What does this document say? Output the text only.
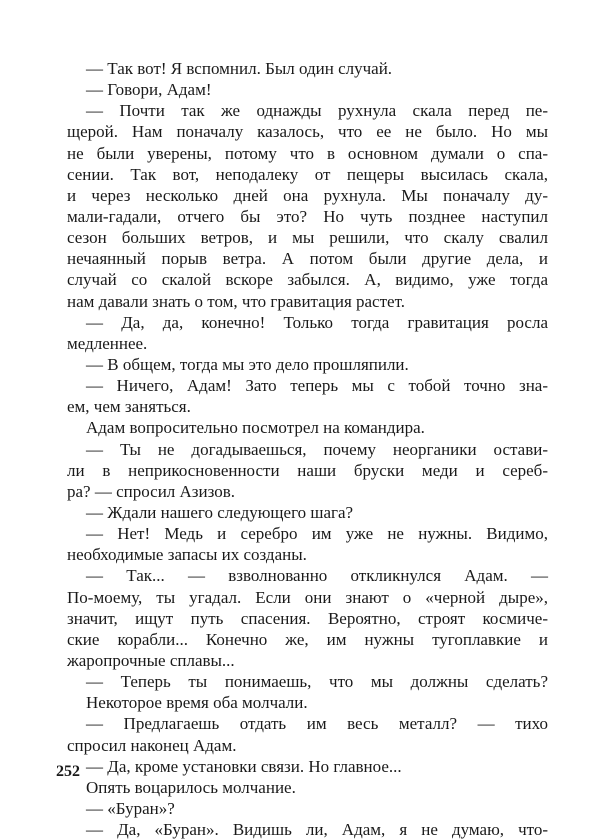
— Так вот! Я вспомнил. Был один случай.
— Говори, Адам!
— Почти так же однажды рухнула скала перед пе-
щерой. Нам поначалу казалось, что ее не было. Но мы
не были уверены, потому что в основном думали о спа-
сении. Так вот, неподалеку от пещеры высилась скала,
и через несколько дней она рухнула. Мы поначалу ду-
мали-гадали, отчего бы это? Но чуть позднее наступил
сезон больших ветров, и мы решили, что скалу свалил
нечаянный порыв ветра. А потом были другие дела, и
случай со скалой вскоре забылся. А, видимо, уже тогда
нам давали знать о том, что гравитация растет.
— Да, да, конечно! Только тогда гравитация росла
медленнее.
— В общем, тогда мы это дело прошляпили.
— Ничего, Адам! Зато теперь мы с тобой точно зна-
ем, чем заняться.
Адам вопросительно посмотрел на командира.
— Ты не догадываешься, почему неорганики остави-
ли в неприкосновенности наши бруски меди и сереб-
ра? — спросил Азизов.
— Ждали нашего следующего шага?
— Нет! Медь и серебро им уже не нужны. Видимо,
необходимые запасы их созданы.
— Так... — взволнованно откликнулся Адам. —
По-моему, ты угадал. Если они знают о «черной дыре»,
значит, ищут путь спасения. Вероятно, строят космиче-
ские корабли... Конечно же, им нужны тугоплавкие и
жаропрочные сплавы...
— Теперь ты понимаешь, что мы должны сделать?
Некоторое время оба молчали.
— Предлагаешь отдать им весь металл? — тихо
спросил наконец Адам.
— Да, кроме установки связи. Но главное...
Опять воцарилось молчание.
— «Буран»?
— Да, «Буран». Видишь ли, Адам, я не думаю, что-
252
